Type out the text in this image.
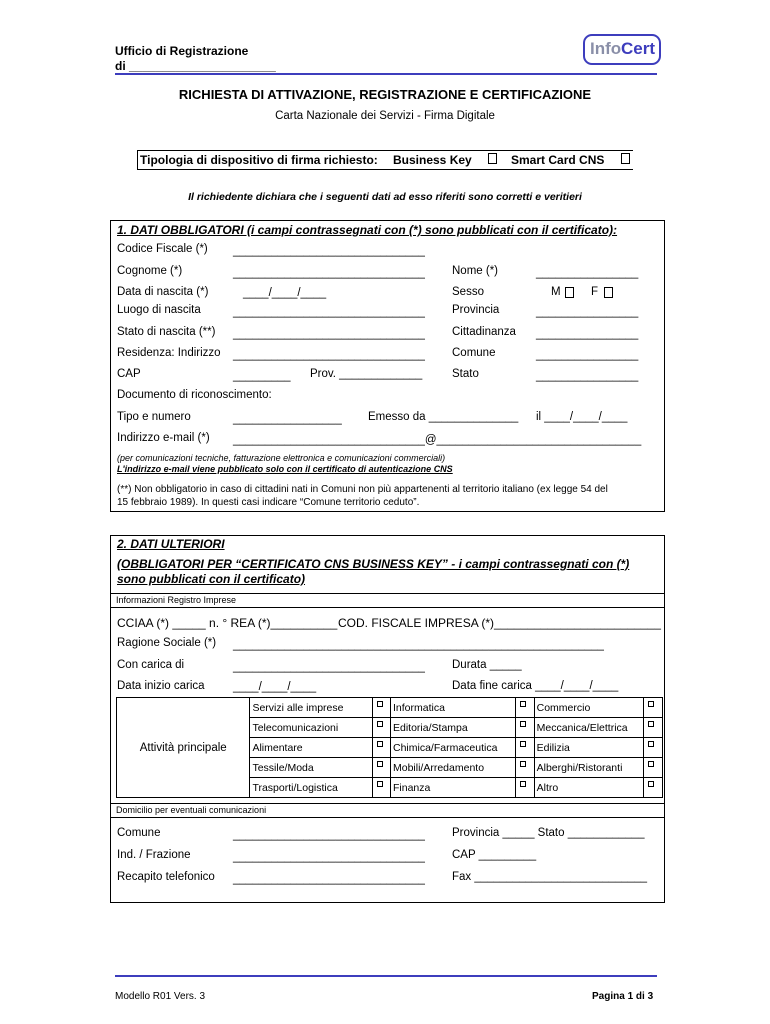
Ufficio di Registrazione
di ______________________
Info Cert
RICHIESTA DI ATTIVAZIONE, REGISTRAZIONE E CERTIFICAZIONE
Carta Nazionale dei Servizi - Firma Digitale
Tipologia di dispositivo di firma richiesto: Business Key	Smart Card CNS
Il richiedente dichiara che i seguenti dati ad esso riferiti sono corretti e veritieri
1. DATI OBBLIGATORI (i campi contrassegnati con (*) sono pubblicati con il certificato):
Codice Fiscale (*) ______________________________
Cognome (*)	______________________________ Nome (*)	________________
Data di nascita (*)	____/____/____	Sesso	M	F
Luogo di nascita	______________________________ Provincia	________________
Stato di nascita (**) ______________________________ Cittadinanza ________________
Residenza: Indirizzo ______________________________ Comune	________________
CAP	_________ Prov. _____________	Stato	________________
Documento di riconoscimento:
Tipo e numero	_________________ Emesso da ______________ il ____/____/____
Indirizzo e-mail (*) ______________________________@________________________________
(per comunicazioni tecniche, fatturazione elettronica e comunicazioni commerciali)
L'indirizzo e-mail viene pubblicato solo con il certificato di autenticazione CNS
(**) Non obbligatorio in caso di cittadini nati in Comuni non più appartenenti al territorio italiano (ex legge 54 del
15 febbraio 1989). In questi casi indicare “Comune territorio ceduto”.
2. DATI ULTERIORI
(OBBLIGATORI PER “CERTIFICATO CNS BUSINESS KEY” - i campi contrassegnati con (*)
sono pubblicati con il certificato)
Informazioni Registro Imprese
CCIAA (*) _____ n. ° REA (*)__________ COD. FISCALE IMPRESA (*)_________________________
Ragione Sociale (*) __________________________________________________________
Con carica di	______________________________ Durata _____
Data inizio carica ____/____/____	Data fine carica ____/____/____
Attività principale	Servizi alle imprese		Informatica		Commercio	

	Telecomunicazioni		Editoria/Stampa		Meccanica/Elettrica	

	Alimentare		Chimica/Farmaceutica		Edilizia	

	Tessile/Moda		Mobili/Arredamento		Alberghi/Ristoranti	

	Trasporti/Logistica		Finanza		Altro	
Domicilio per eventuali comunicazioni
Comune	______________________________ Provincia _____ Stato ____________
Ind. / Frazione	______________________________ CAP _________
Recapito telefonico ______________________________ Fax ___________________________
Modello R01 Vers. 3	Pagina 1 di 3
